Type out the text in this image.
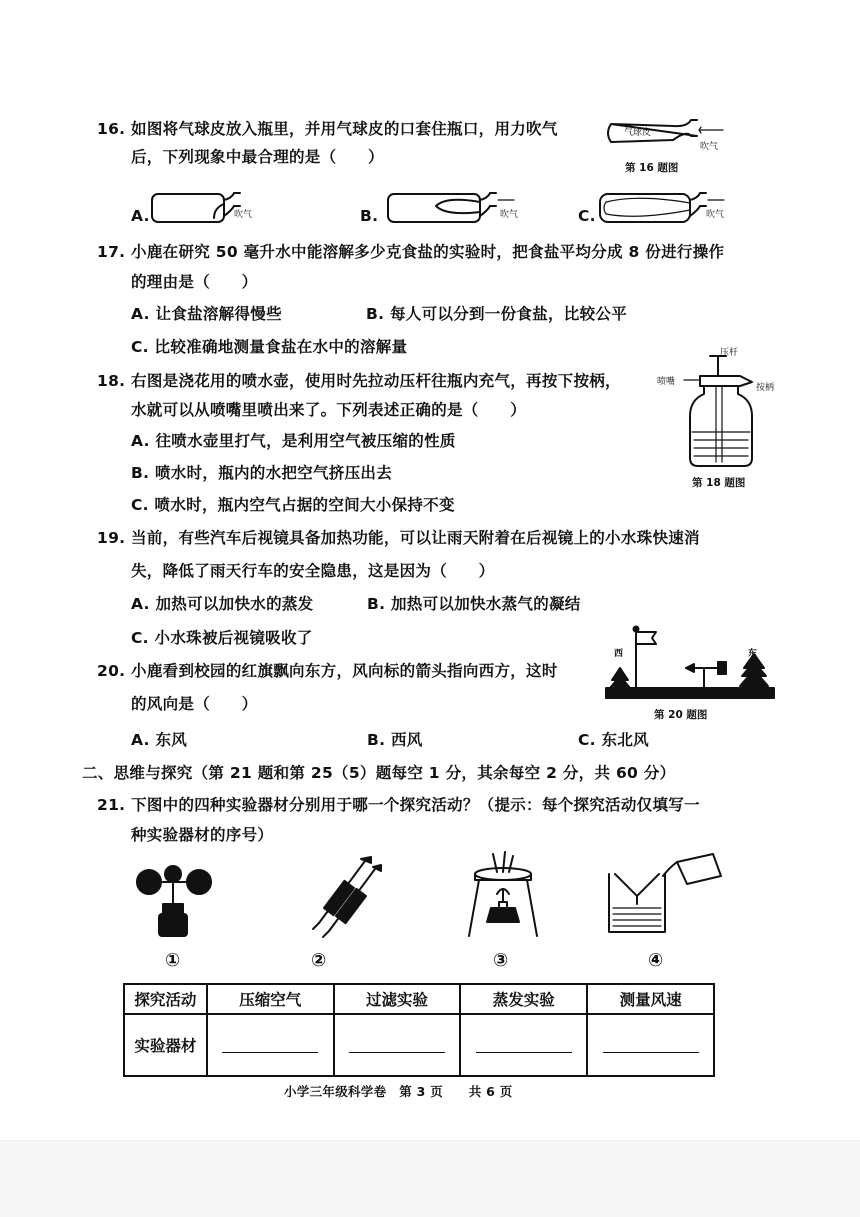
16. 如图将气球皮放入瓶里，并用气球皮的口套住瓶口，用力吹气
后，下列现象中最合理的是（　　）
气球皮
吹气
第 16 题图
A.	吹气	B.	吹气	C.	吹气
17. 小鹿在研究 50 毫升水中能溶解多少克食盐的实验时，把食盐平均分成 8 份进行操作
的理由是（　　）
A. 让食盐溶解得慢些	B. 每人可以分到一份食盐，比较公平
C. 比较准确地测量食盐在水中的溶解量
18. 右图是浇花用的喷水壶，使用时先拉动压杆往瓶内充气，再按下按柄，
水就可以从喷嘴里喷出来了。下列表述正确的是（　　）
A. 往喷水壶里打气，是利用空气被压缩的性质
B. 喷水时，瓶内的水把空气挤压出去
C. 喷水时，瓶内空气占据的空间大小保持不变
压杆
喷嘴
按柄
第 18 题图
19. 当前，有些汽车后视镜具备加热功能，可以让雨天附着在后视镜上的小水珠快速消
失，降低了雨天行车的安全隐患，这是因为（　　）
A. 加热可以加快水的蒸发	B. 加热可以加快水蒸气的凝结
C. 小水珠被后视镜吸收了
20. 小鹿看到校园的红旗飘向东方，风向标的箭头指向西方，这时
的风向是（　　）
A. 东风	B. 西风	C. 东北风
西	东
第 20 题图
二、思维与探究（第 21 题和第 25（5）题每空 1 分，其余每空 2 分，共 60 分）
21. 下图中的四种实验器材分别用于哪一个探究活动？（提示：每个探究活动仅填写一
种实验器材的序号）
①	②	③	④
探究活动	压缩空气	过滤实验	蒸发实验	测量风速
实验器材				
小学三年级科学卷　第 3 页　　共 6 页
